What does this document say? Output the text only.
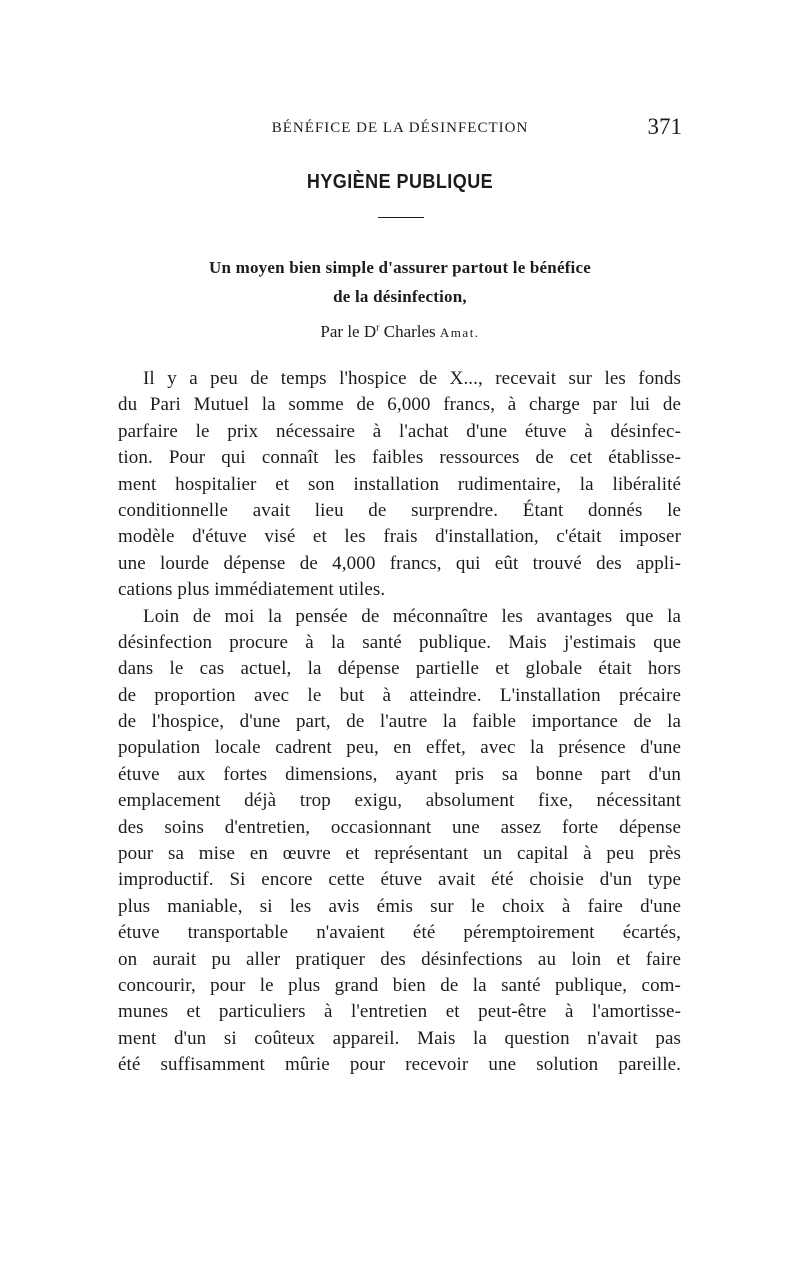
BÉNÉFICE DE LA DÉSINFECTION	371
HYGIÈNE PUBLIQUE
Un moyen bien simple d'assurer partout le bénéfice
de la désinfection,
Par le $D^r$ Charles Amat.
Il y a peu de temps l'hospice de X..., recevait sur les fonds
du Pari Mutuel la somme de 6,000 francs, à charge par lui de
parfaire le prix nécessaire à l'achat d'une étuve à désinfec-
tion. Pour qui connaît les faibles ressources de cet établisse-
ment hospitalier et son installation rudimentaire, la libéralité
conditionnelle avait lieu de surprendre. Étant donnés le
modèle d'étuve visé et les frais d'installation, c'était imposer
une lourde dépense de 4,000 francs, qui eût trouvé des appli-
cations plus immédiatement utiles.
Loin de moi la pensée de méconnaître les avantages que la
désinfection procure à la santé publique. Mais j'estimais que
dans le cas actuel, la dépense partielle et globale était hors
de proportion avec le but à atteindre. L'installation précaire
de l'hospice, d'une part, de l'autre la faible importance de la
population locale cadrent peu, en effet, avec la présence d'une
étuve aux fortes dimensions, ayant pris sa bonne part d'un
emplacement déjà trop exigu, absolument fixe, nécessitant
des soins d'entretien, occasionnant une assez forte dépense
pour sa mise en œuvre et représentant un capital à peu près
improductif. Si encore cette étuve avait été choisie d'un type
plus maniable, si les avis émis sur le choix à faire d'une
étuve transportable n'avaient été péremptoirement écartés,
on aurait pu aller pratiquer des désinfections au loin et faire
concourir, pour le plus grand bien de la santé publique, com-
munes et particuliers à l'entretien et peut-être à l'amortisse-
ment d'un si coûteux appareil. Mais la question n'avait pas
été suffisamment mûrie pour recevoir une solution pareille.
